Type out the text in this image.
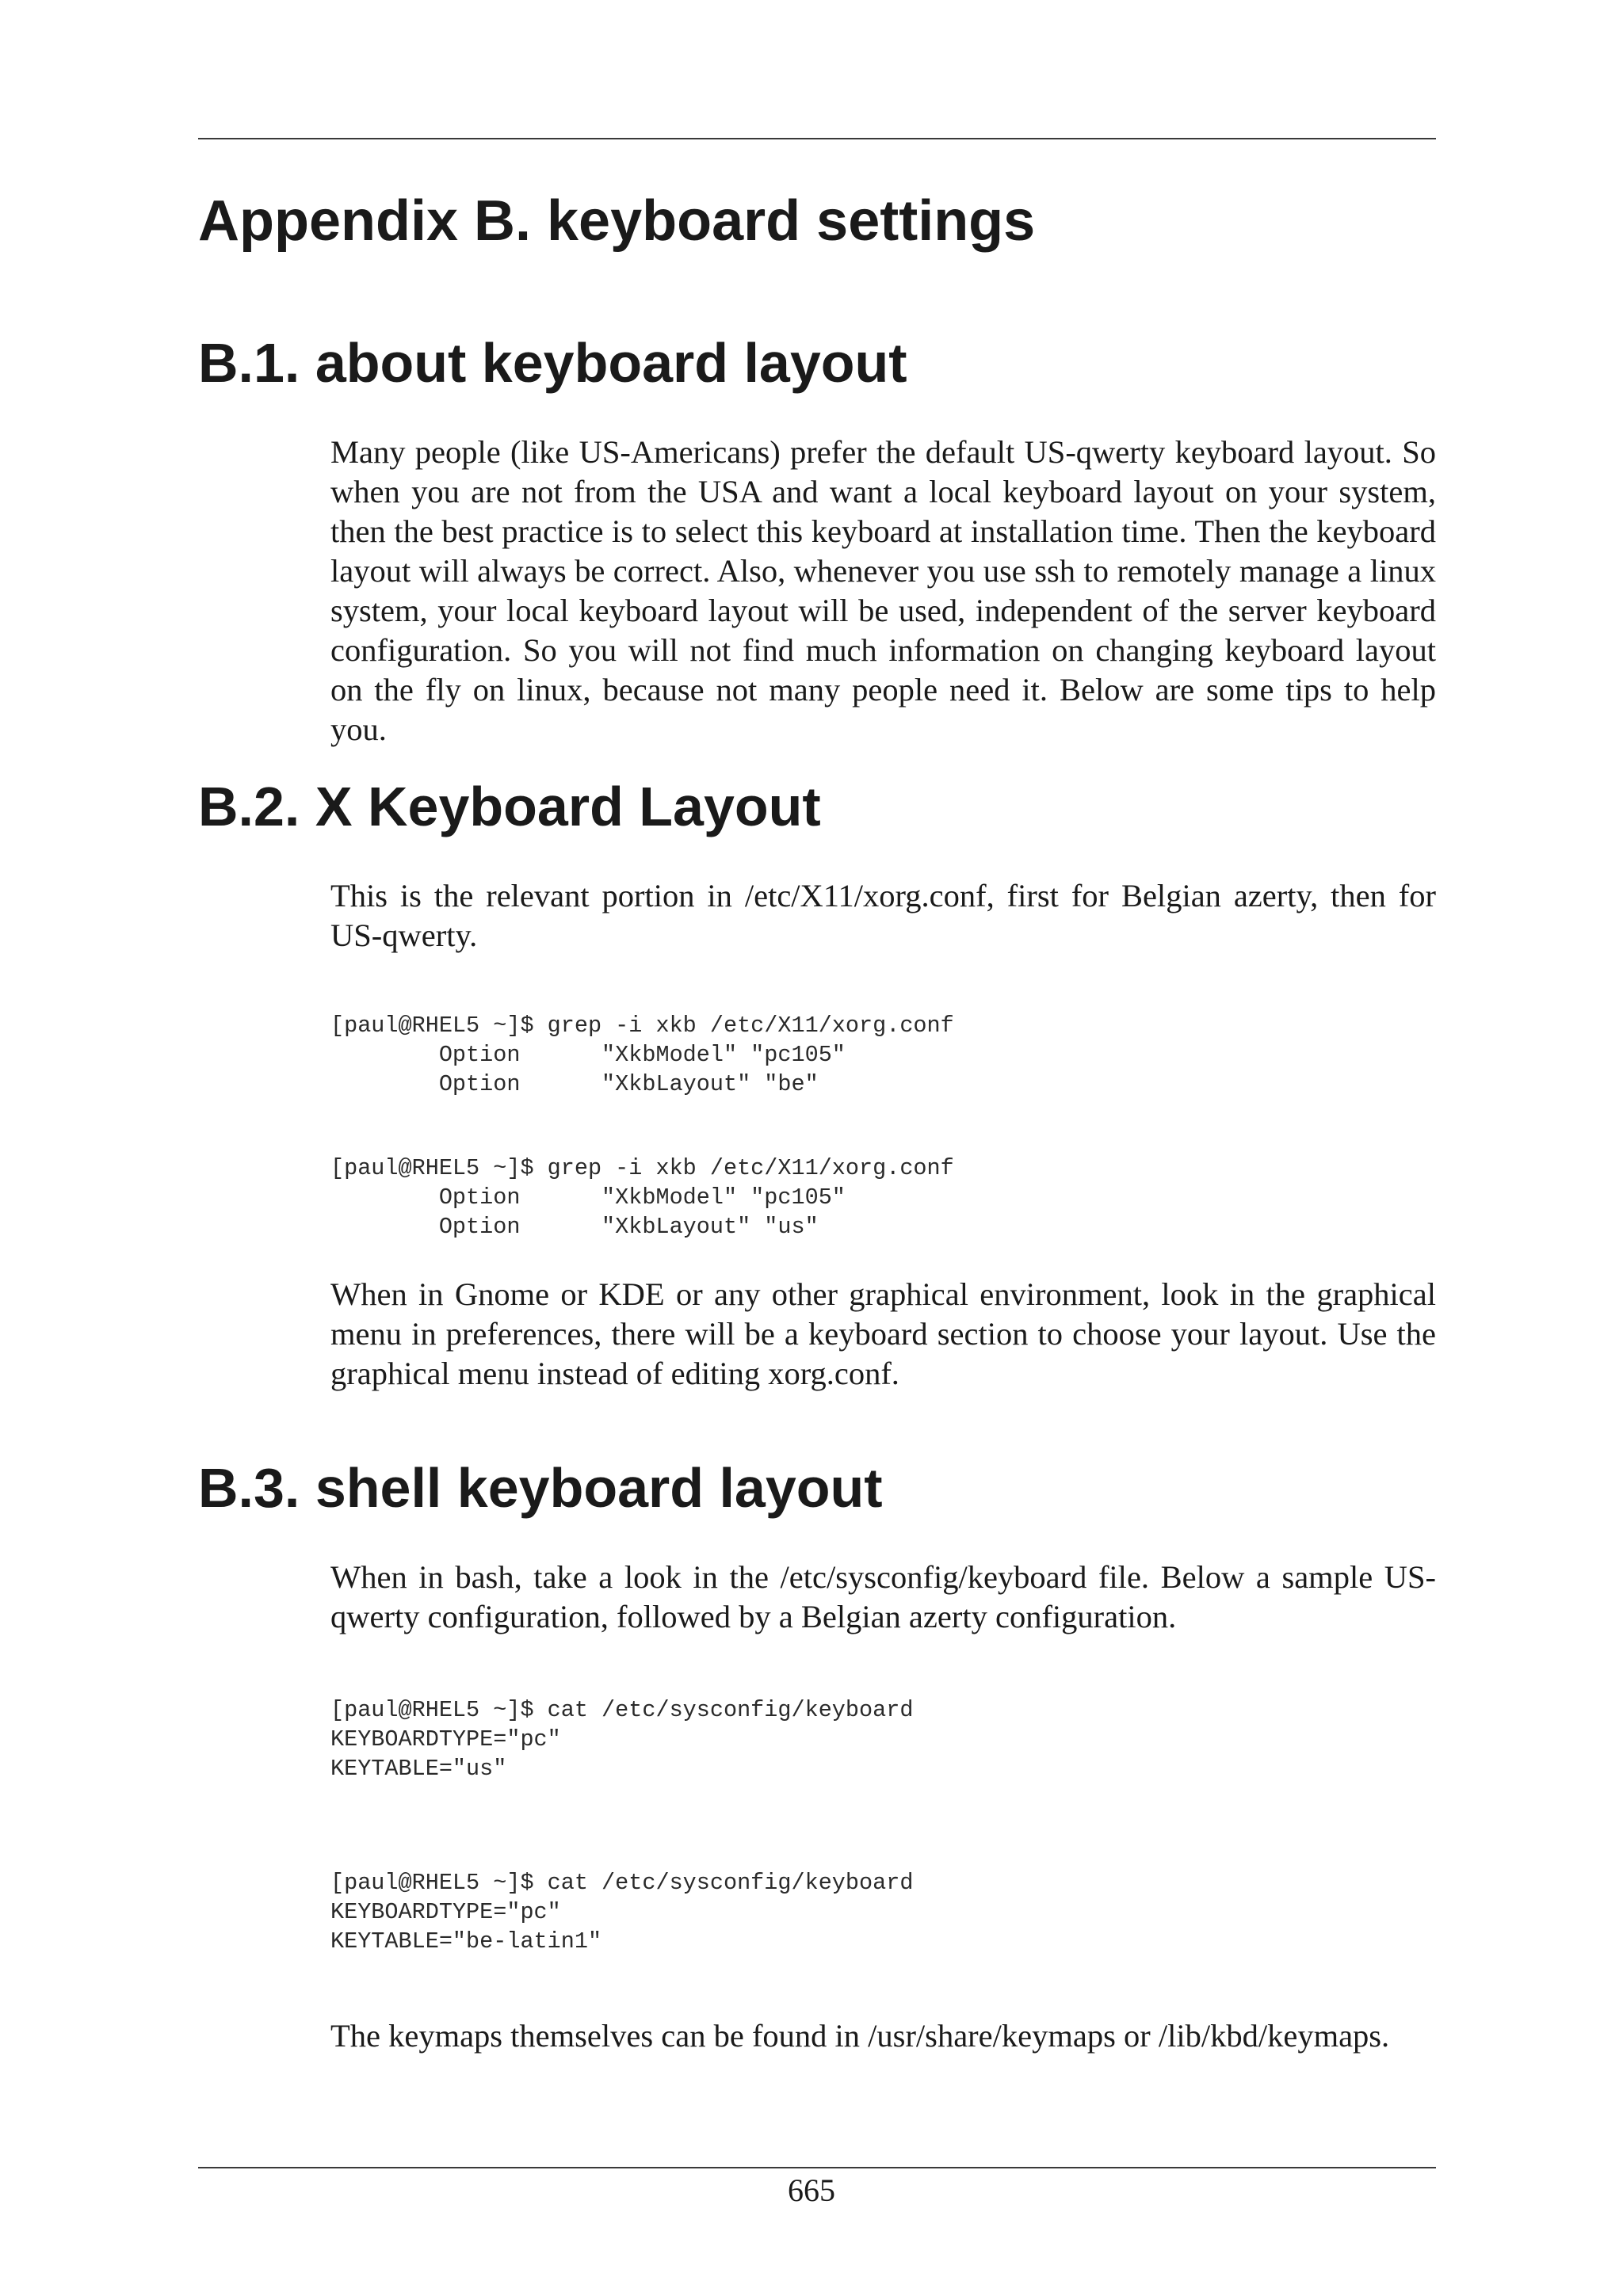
Appendix B. keyboard settings
B.1. about keyboard layout

Many people (like US-Americans) prefer the default US-qwerty keyboard layout. So when you are not from the USA and want a local keyboard layout on your system, then the best practice is to select this keyboard at installation time. Then the keyboard layout will always be correct. Also, whenever you use ssh to remotely manage a linux system, your local keyboard layout will be used, independent of the server keyboard configuration. So you will not find much information on changing keyboard layout on the fly on linux, because not many people need it. Below are some tips to help you.

B.2. X Keyboard Layout

This is the relevant portion in /etc/X11/xorg.conf, first for Belgian azerty, then for US-qwerty.

[paul@RHEL5 ~]$ grep -i xkb /etc/X11/xorg.conf
Option      "XkbModel" "pc105"
Option      "XkbLayout" "be"
[paul@RHEL5 ~]$ grep -i xkb /etc/X11/xorg.conf
Option      "XkbModel" "pc105"
Option      "XkbLayout" "us"

When in Gnome or KDE or any other graphical environment, look in the graphical menu in preferences, there will be a keyboard section to choose your layout. Use the graphical menu instead of editing xorg.conf.

B.3. shell keyboard layout

When in bash, take a look in the /etc/sysconfig/keyboard file. Below a sample US-qwerty configuration, followed by a Belgian azerty configuration.

[paul@RHEL5 ~]$ cat /etc/sysconfig/keyboard
KEYBOARDTYPE="pc"
KEYTABLE="us"
[paul@RHEL5 ~]$ cat /etc/sysconfig/keyboard
KEYBOARDTYPE="pc"
KEYTABLE="be-latin1"

The keymaps themselves can be found in /usr/share/keymaps or /lib/kbd/keymaps.

665
